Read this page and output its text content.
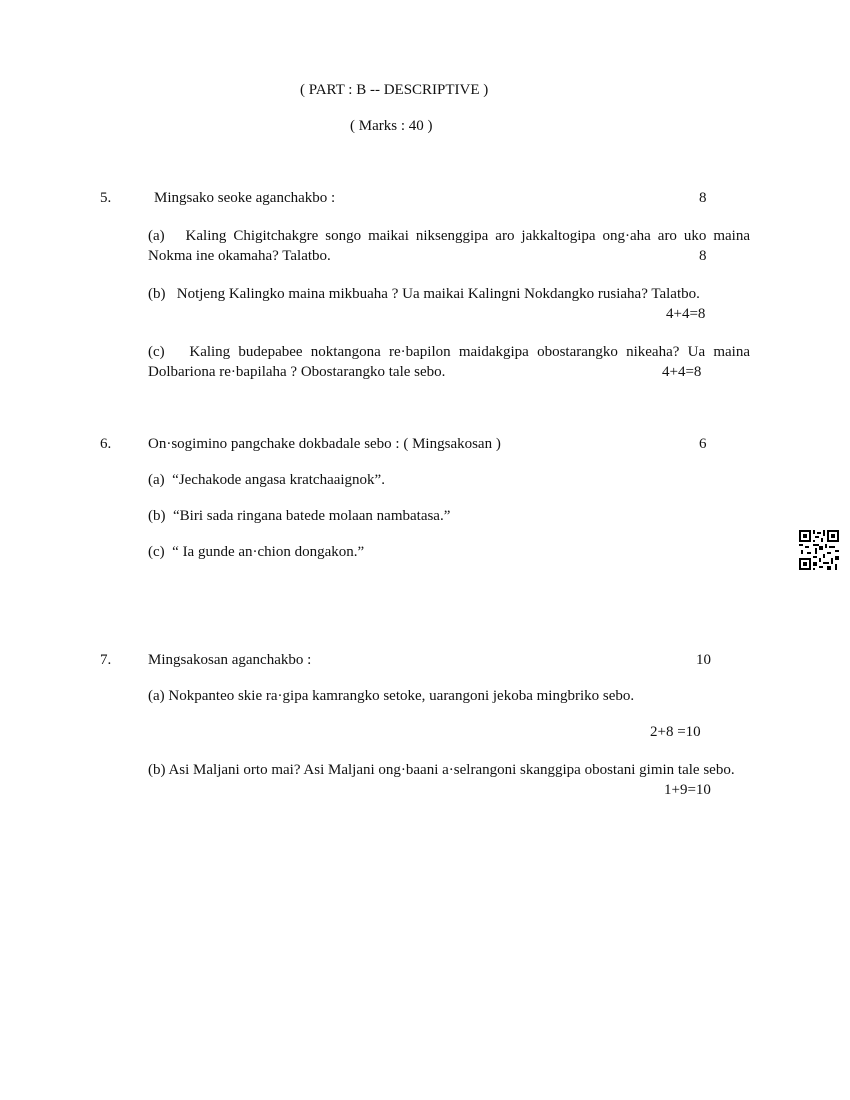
( PART : B -- DESCRIPTIVE )
( Marks : 40 )
5.	Mingsako seoke aganchakbo :	8
(a) Kaling Chigitchakgre songo maikai niksenggipa aro jakkaltogipa ong·aha aro uko maina Nokma ine okamaha? Talatbo.	8
(b) Notjeng Kalingko maina mikbuaha ? Ua maikai Kalingni Nokdangko rusiaha? Talatbo.
4+4=8
(c) Kaling budepabee noktangona re·bapilon maidakgipa obostarangko nikeaha? Ua maina Dolbariona re·bapilaha ? Obostarangko tale sebo.	4+4=8
6. On·sogimino pangchake dokbadale sebo : ( Mingsakosan )	6
(a) “Jechakode angasa kratchaaignok”.
(b) “Biri sada ringana batede molaan nambatasa.”
(c) “ Ia gunde an·chion dongakon.”
7. Mingsakosan aganchakbo :	10
(a) Nokpanteo skie ra·gipa kamrangko setoke, uarangoni jekoba mingbriko sebo.
2+8 =10
(b) Asi Maljani orto mai? Asi Maljani ong·baani a·selrangoni skanggipa obostani gimin tale sebo.
1+9=10
